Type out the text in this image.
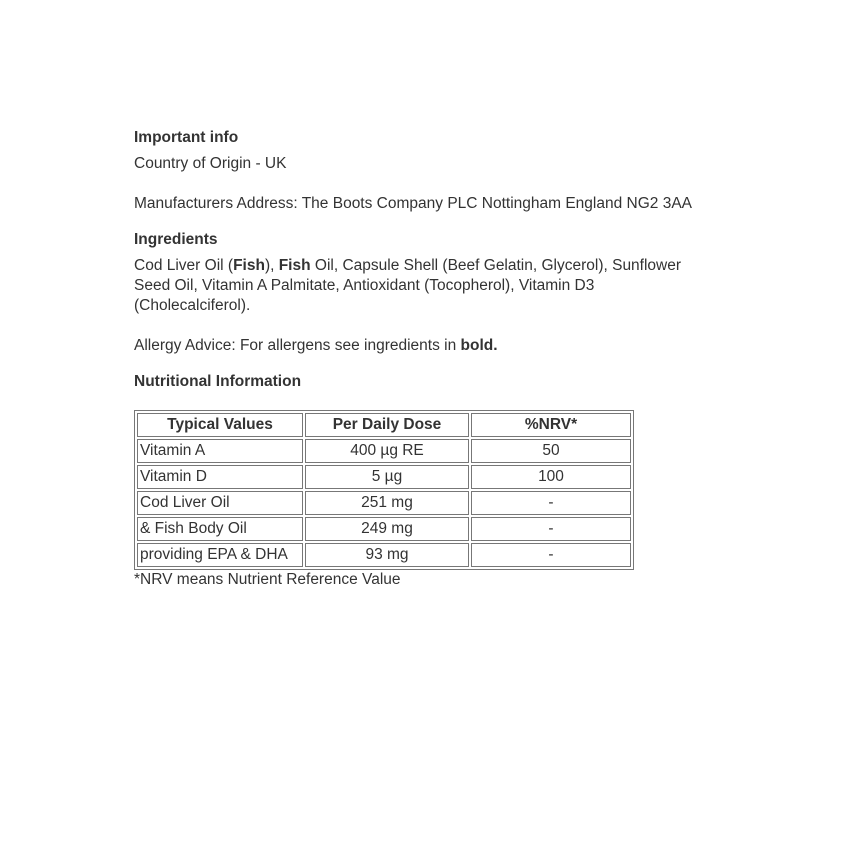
Important info

Country of Origin - UK

Manufacturers Address: The Boots Company PLC Nottingham England NG2 3AA

Ingredients

Cod Liver Oil (Fish), Fish Oil, Capsule Shell (Beef Gelatin, Glycerol), Sunflower Seed Oil, Vitamin A Palmitate, Antioxidant (Tocopherol), Vitamin D3 (Cholecalciferol).

Allergy Advice: For allergens see ingredients in bold.

Nutritional Information

Typical Values	Per Daily Dose	%NRV*
Vitamin A	400 µg RE	50
Vitamin D	5 µg	100
Cod Liver Oil	251 mg	-
& Fish Body Oil	249 mg	-
providing EPA & DHA	93 mg	-

*NRV means Nutrient Reference Value
